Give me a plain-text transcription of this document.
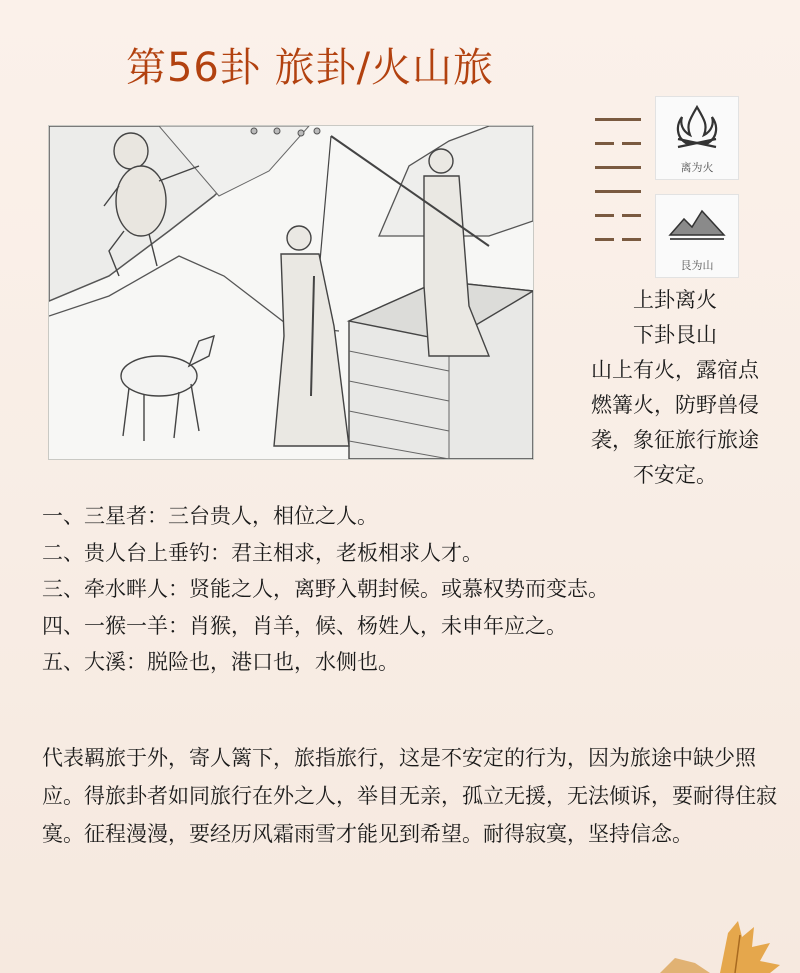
第56卦 旅卦/火山旅
离为火
艮为山
上卦离火
下卦艮山
山上有火，露宿点
燃篝火，防野兽侵
袭，象征旅行旅途
不安定。
一、三星者：三台贵人，相位之人。
二、贵人台上垂钓：君主相求，老板相求人才。
三、牵水畔人：贤能之人，离野入朝封候。或慕权势而变志。
四、一猴一羊：肖猴，肖羊，候、杨姓人，未申年应之。
五、大溪：脱险也，港口也，水侧也。
代表羁旅于外，寄人篱下，旅指旅行，这是不安定的行为，因为旅途中缺少照应。得旅卦者如同旅行在外之人，举目无亲，孤立无援，无法倾诉，要耐得住寂寞。征程漫漫，要经历风霜雨雪才能见到希望。耐得寂寞，坚持信念。
